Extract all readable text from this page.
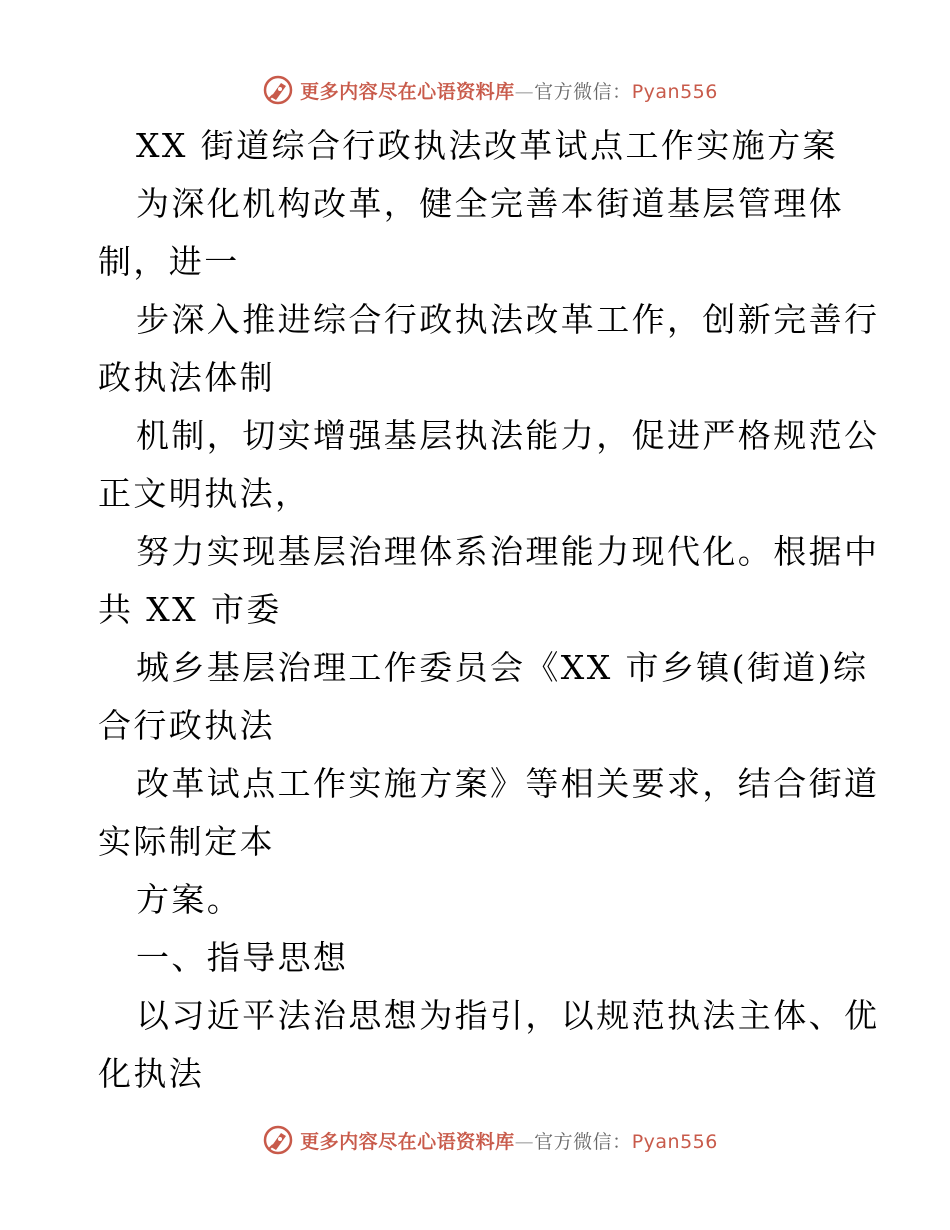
更多内容尽在心语资料库—官方微信：Pyan556
XX 街道综合行政执法改革试点工作实施方案
为深化机构改革，健全完善本街道基层管理体
制，进一
步深入推进综合行政执法改革工作，创新完善行
政执法体制
机制，切实增强基层执法能力，促进严格规范公
正文明执法，
努力实现基层治理体系治理能力现代化。根据中
共 XX 市委
城乡基层治理工作委员会《XX 市乡镇(街道)综
合行政执法
改革试点工作实施方案》等相关要求，结合街道
实际制定本
方案。
一、指导思想
以习近平法治思想为指引，以规范执法主体、优
化执法
更多内容尽在心语资料库—官方微信：Pyan556
